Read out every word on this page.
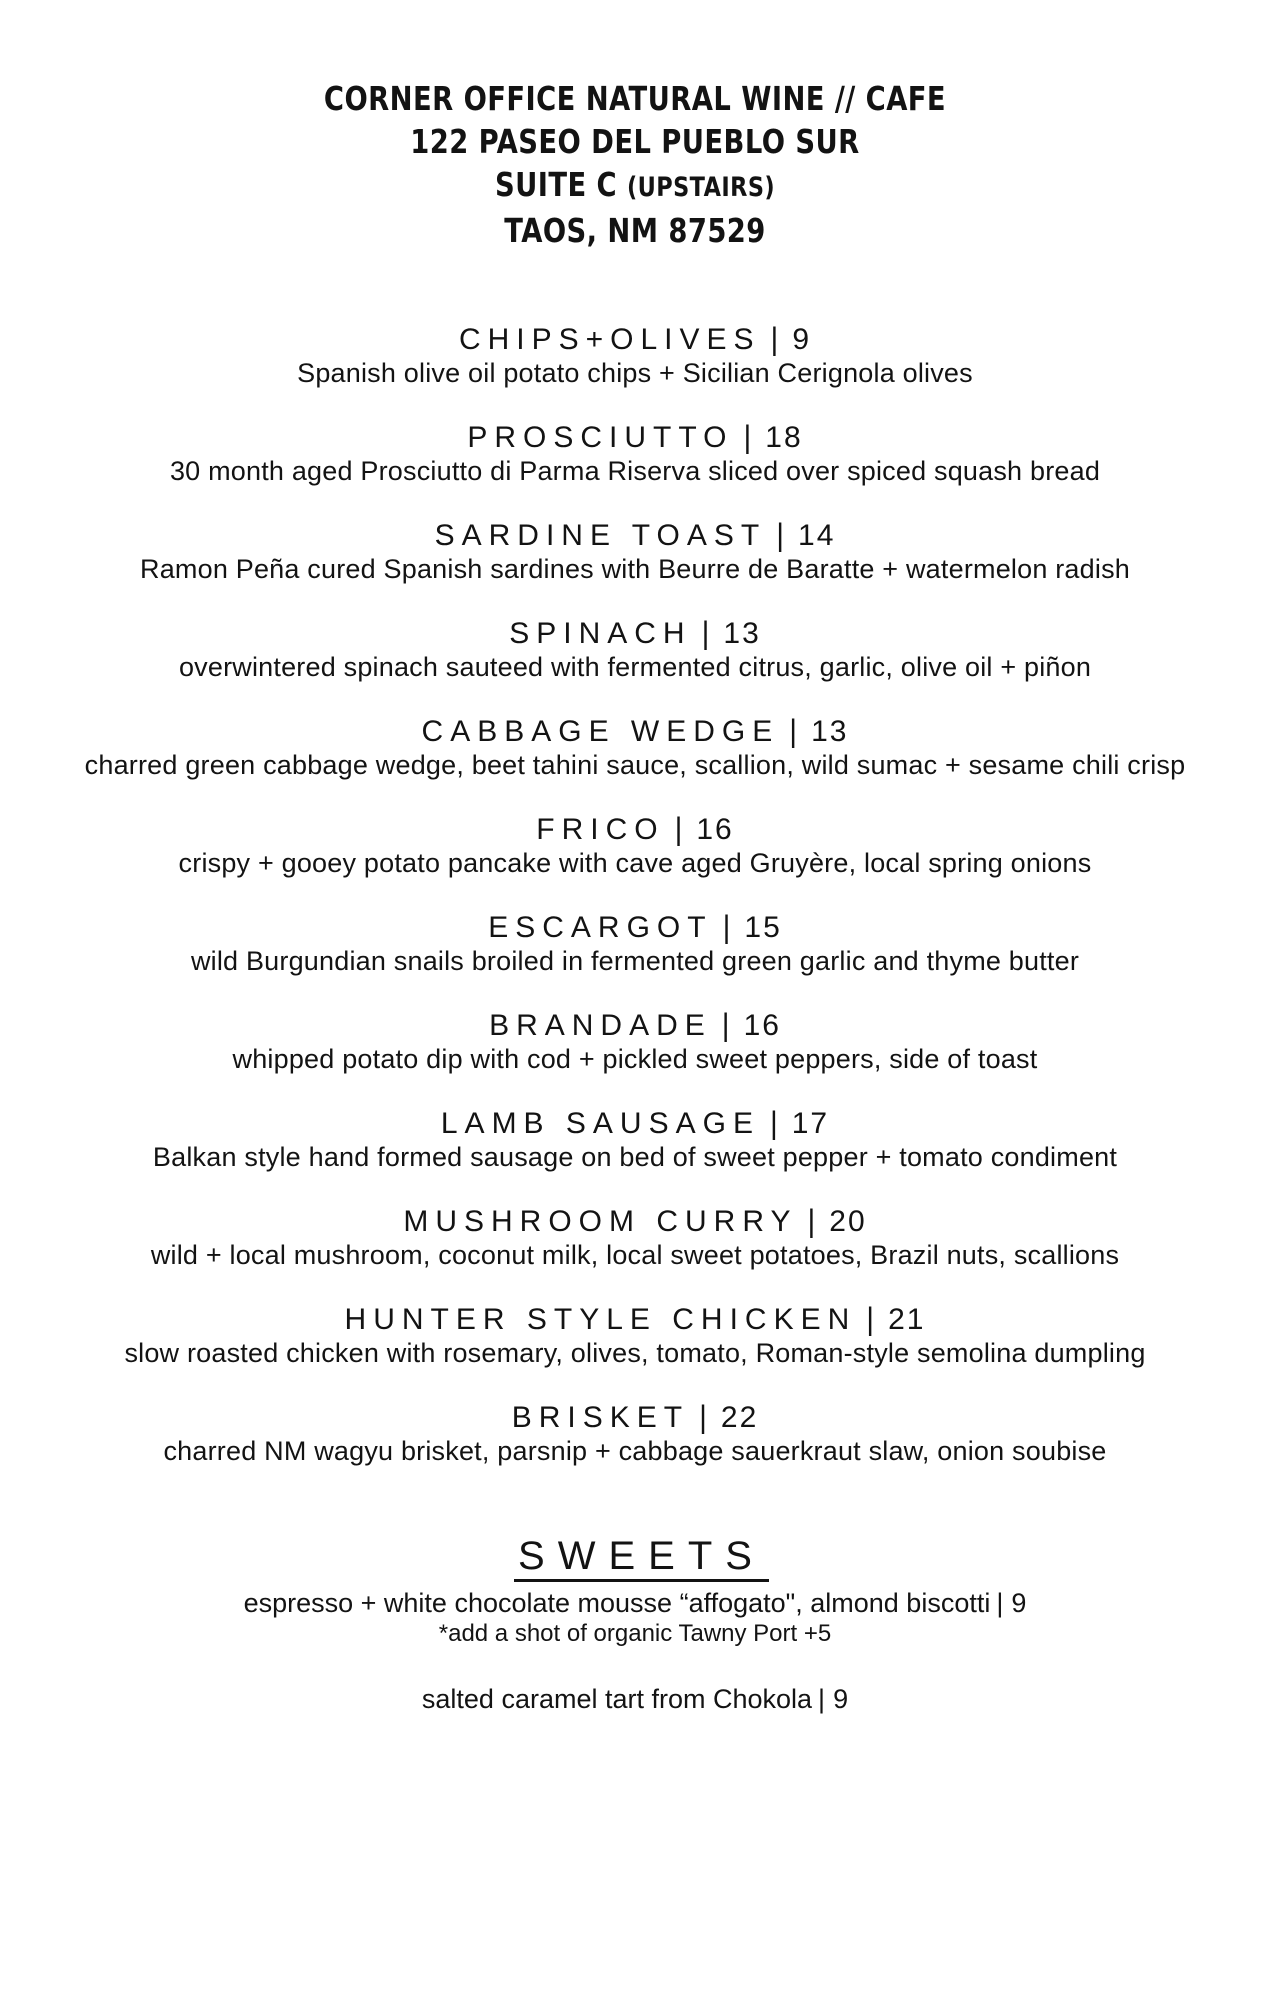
CORNER OFFICE NATURAL WINE // CAFE
122 PASEO DEL PUEBLO SUR
SUITE C (UPSTAIRS)
TAOS, NM 87529
CHIPS+OLIVES | 9
Spanish olive oil potato chips + Sicilian Cerignola olives
PROSCIUTTO | 18
30 month aged Prosciutto di Parma Riserva sliced over spiced squash bread
SARDINE TOAST | 14
Ramon Peña cured Spanish sardines with Beurre de Baratte + watermelon radish
SPINACH | 13
overwintered spinach sauteed with fermented citrus, garlic, olive oil + piñon
CABBAGE WEDGE | 13
charred green cabbage wedge, beet tahini sauce, scallion, wild sumac + sesame chili crisp
FRICO | 16
crispy + gooey potato pancake with cave aged Gruyère, local spring onions
ESCARGOT | 15
wild Burgundian snails broiled in fermented green garlic and thyme butter
BRANDADE | 16
whipped potato dip with cod + pickled sweet peppers, side of toast
LAMB SAUSAGE | 17
Balkan style hand formed sausage on bed of sweet pepper + tomato condiment
MUSHROOM CURRY | 20
wild + local mushroom, coconut milk, local sweet potatoes, Brazil nuts, scallions
HUNTER STYLE CHICKEN | 21
slow roasted chicken with rosemary, olives, tomato, Roman-style semolina dumpling
BRISKET | 22
charred NM wagyu brisket, parsnip + cabbage sauerkraut slaw, onion soubise
SWEETS
espresso + white chocolate mousse “affogato", almond biscotti | 9
*add a shot of organic Tawny Port +5
salted caramel tart from Chokola | 9
